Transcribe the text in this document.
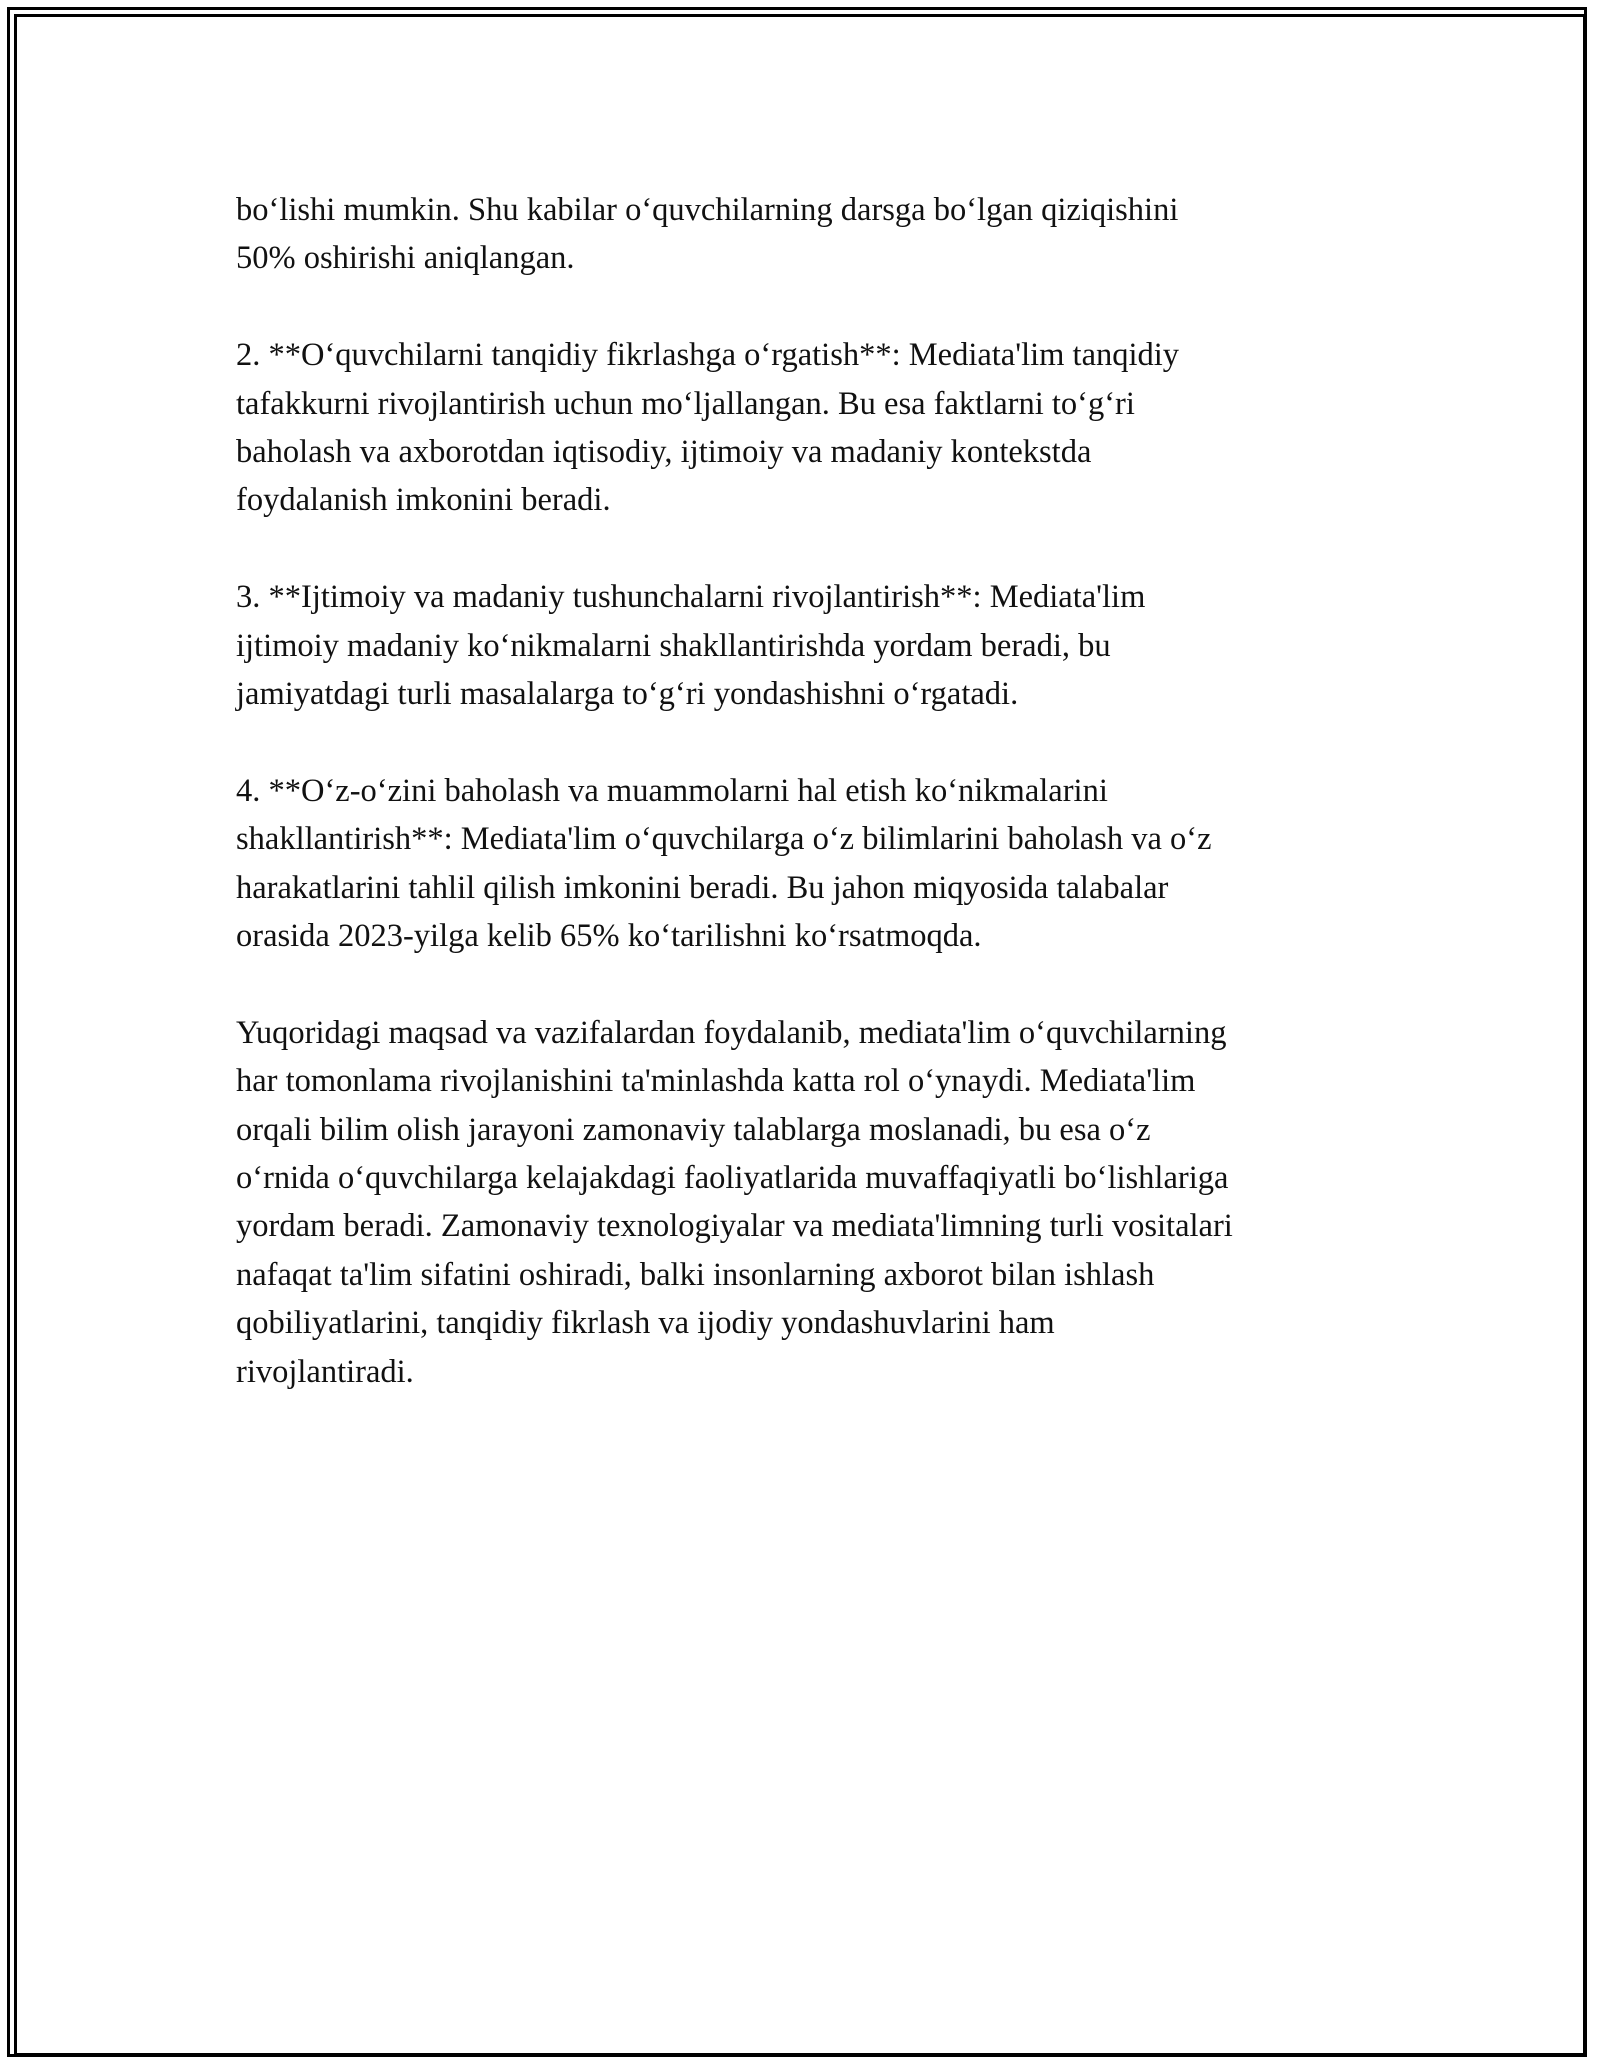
bo‘lishi mumkin. Shu kabilar o‘quvchilarning darsga bo‘lgan qiziqishini
50% oshirishi aniqlangan.

2. **O‘quvchilarni tanqidiy fikrlashga o‘rgatish**: Mediata'lim tanqidiy
tafakkurni rivojlantirish uchun mo‘ljallangan. Bu esa faktlarni to‘g‘ri
baholash va axborotdan iqtisodiy, ijtimoiy va madaniy kontekstda
foydalanish imkonini beradi.

3. **Ijtimoiy va madaniy tushunchalarni rivojlantirish**: Mediata'lim
ijtimoiy madaniy ko‘nikmalarni shakllantirishda yordam beradi, bu
jamiyatdagi turli masalalarga to‘g‘ri yondashishni o‘rgatadi.

4. **O‘z-o‘zini baholash va muammolarni hal etish ko‘nikmalarini
shakllantirish**: Mediata'lim o‘quvchilarga o‘z bilimlarini baholash va o‘z
harakatlarini tahlil qilish imkonini beradi. Bu jahon miqyosida talabalar
orasida 2023-yilga kelib 65% ko‘tarilishni ko‘rsatmoqda.

Yuqoridagi maqsad va vazifalardan foydalanib, mediata'lim o‘quvchilarning
har tomonlama rivojlanishini ta'minlashda katta rol o‘ynaydi. Mediata'lim
orqali bilim olish jarayoni zamonaviy talablarga moslanadi, bu esa o‘z
o‘rnida o‘quvchilarga kelajakdagi faoliyatlarida muvaffaqiyatli bo‘lishlariga
yordam beradi. Zamonaviy texnologiyalar va mediata'limning turli vositalari
nafaqat ta'lim sifatini oshiradi, balki insonlarning axborot bilan ishlash
qobiliyatlarini, tanqidiy fikrlash va ijodiy yondashuvlarini ham
rivojlantiradi.
